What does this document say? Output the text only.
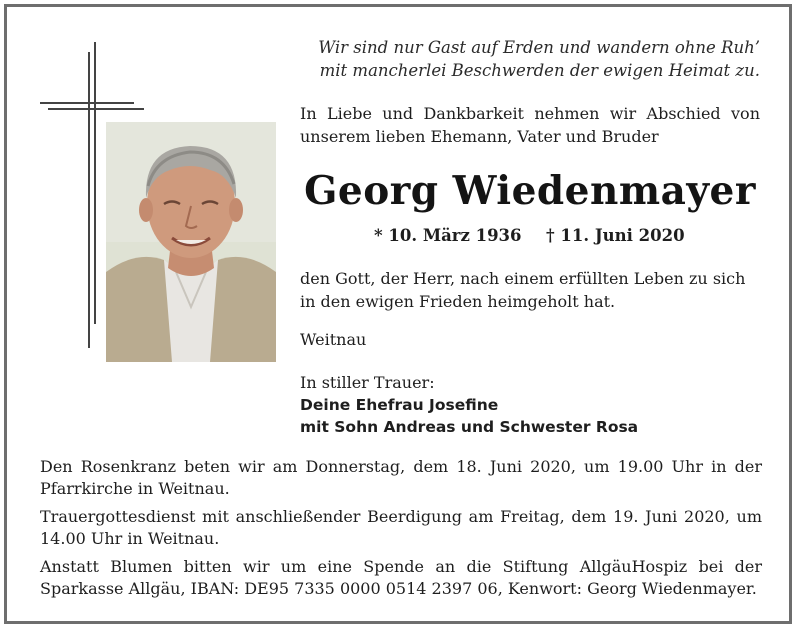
Wir sind nur Gast auf Erden und wandern ohne Ruh’
mit mancherlei Beschwerden der ewigen Heimat zu.
In Liebe und Dankbarkeit nehmen wir Abschied von unserem lieben Ehemann, Vater und Bruder
Georg Wiedenmayer
* 10. März 1936 † 11. Juni 2020
den Gott, der Herr, nach einem erfüllten Leben zu sich in den ewigen Frieden heimgeholt hat.
Weitnau
In stiller Trauer:
Deine Ehefrau Josefine
mit Sohn Andreas und Schwester Rosa

Den Rosenkranz beten wir am Donnerstag, dem 18. Juni 2020, um 19.00 Uhr in der Pfarrkirche in Weitnau.

Trauergottesdienst mit anschließender Beerdigung am Freitag, dem 19. Juni 2020, um 14.00 Uhr in Weitnau.

Anstatt Blumen bitten wir um eine Spende an die Stiftung AllgäuHospiz bei der Sparkasse Allgäu, IBAN: DE95 7335 0000 0514 2397 06, Kenwort: Georg Wiedenmayer.
